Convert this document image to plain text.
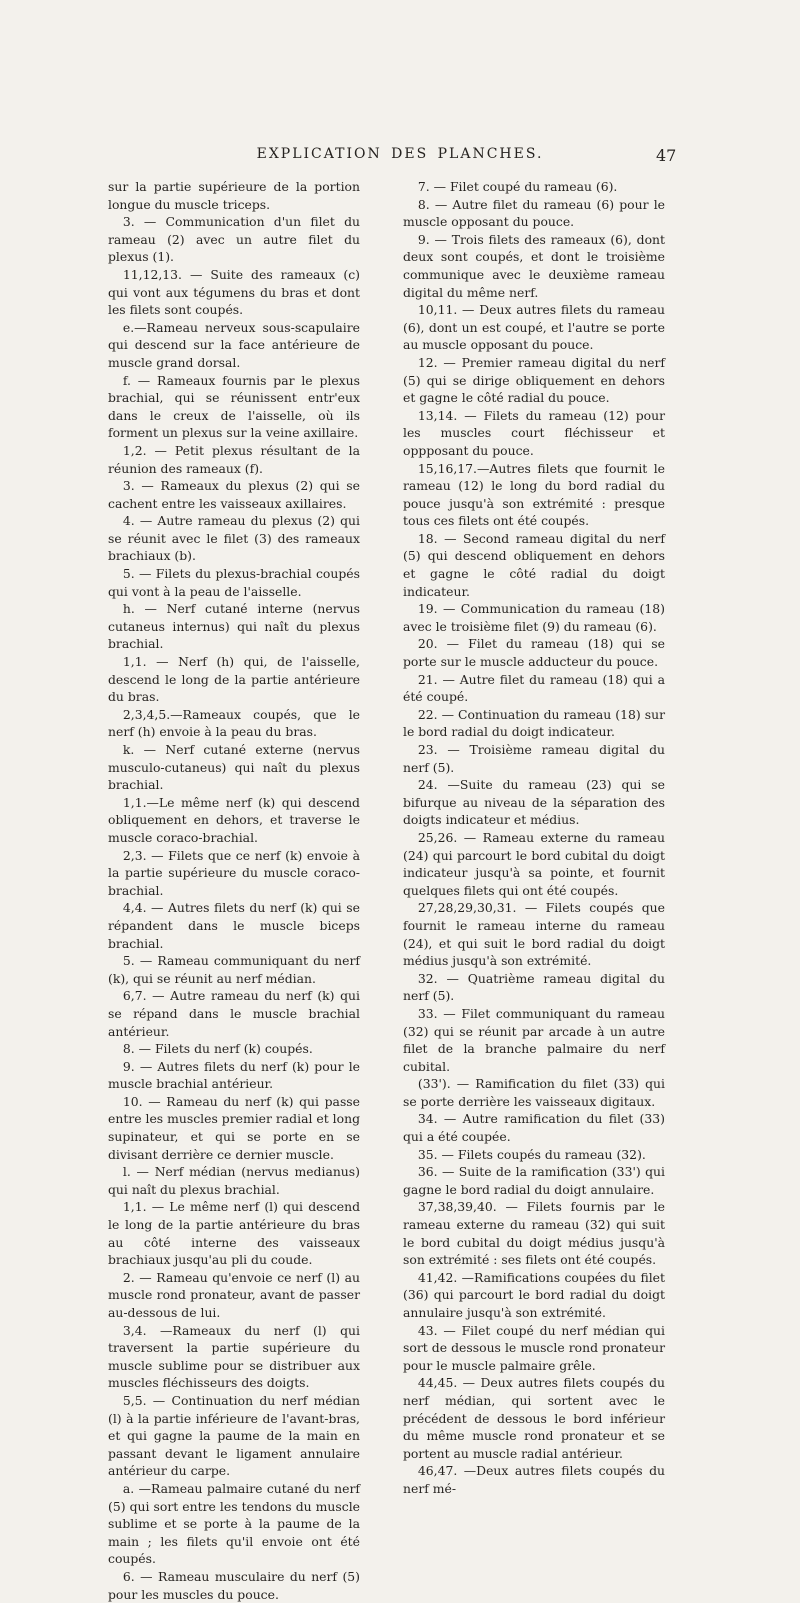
EXPLICATION DES PLANCHES.	47

sur la partie supérieure de la portion longue du muscle triceps.

3. — Communication d'un filet du rameau (2) avec un autre filet du plexus (1).

11,12,13. — Suite des rameaux (c) qui vont aux tégumens du bras et dont les filets sont coupés.

e.—Rameau nerveux sous-scapulaire qui descend sur la face antérieure de muscle grand dorsal.

f. — Rameaux fournis par le plexus brachial, qui se réunissent entr'eux dans le creux de l'aisselle, où ils forment un plexus sur la veine axillaire.

1,2. — Petit plexus résultant de la réunion des rameaux (f).

3. — Rameaux du plexus (2) qui se cachent entre les vaisseaux axillaires.

4. — Autre rameau du plexus (2) qui se réunit avec le filet (3) des rameaux brachiaux (b).

5. — Filets du plexus-brachial coupés qui vont à la peau de l'aisselle.

h. — Nerf cutané interne (nervus cutaneus internus) qui naît du plexus brachial.

1,1. — Nerf (h) qui, de l'aisselle, descend le long de la partie antérieure du bras.

2,3,4,5.—Rameaux coupés, que le nerf (h) envoie à la peau du bras.

k. — Nerf cutané externe (nervus musculo-cutaneus) qui naît du plexus brachial.

1,1.—Le même nerf (k) qui descend obliquement en dehors, et traverse le muscle coraco-brachial.

2,3. — Filets que ce nerf (k) envoie à la partie supérieure du muscle coraco-brachial.

4,4. — Autres filets du nerf (k) qui se répandent dans le muscle biceps brachial.

5. — Rameau communiquant du nerf (k), qui se réunit au nerf médian.

6,7. — Autre rameau du nerf (k) qui se répand dans le muscle brachial antérieur.

8. — Filets du nerf (k) coupés.

9. — Autres filets du nerf (k) pour le muscle brachial antérieur.

10. — Rameau du nerf (k) qui passe entre les muscles premier radial et long supinateur, et qui se porte en se divisant derrière ce dernier muscle.

l. — Nerf médian (nervus medianus) qui naît du plexus brachial.

1,1. — Le même nerf (l) qui descend le long de la partie antérieure du bras au côté interne des vaisseaux brachiaux jusqu'au pli du coude.

2. — Rameau qu'envoie ce nerf (l) au muscle rond pronateur, avant de passer au-dessous de lui.

3,4. —Rameaux du nerf (l) qui traversent la partie supérieure du muscle sublime pour se distribuer aux muscles fléchisseurs des doigts.

5,5. — Continuation du nerf médian (l) à la partie inférieure de l'avant-bras, et qui gagne la paume de la main en passant devant le ligament annulaire antérieur du carpe.

a. —Rameau palmaire cutané du nerf (5) qui sort entre les tendons du muscle sublime et se porte à la paume de la main ; les filets qu'il envoie ont été coupés.

6. — Rameau musculaire du nerf (5) pour les muscles du pouce.

7. — Filet coupé du rameau (6).

8. — Autre filet du rameau (6) pour le muscle opposant du pouce.

9. — Trois filets des rameaux (6), dont deux sont coupés, et dont le troisième communique avec le deuxième rameau digital du même nerf.

10,11. — Deux autres filets du rameau (6), dont un est coupé, et l'autre se porte au muscle opposant du pouce.

12. — Premier rameau digital du nerf (5) qui se dirige obliquement en dehors et gagne le côté radial du pouce.

13,14. — Filets du rameau (12) pour les muscles court fléchisseur et oppposant du pouce.

15,16,17.—Autres filets que fournit le rameau (12) le long du bord radial du pouce jusqu'à son extrémité : presque tous ces filets ont été coupés.

18. — Second rameau digital du nerf (5) qui descend obliquement en dehors et gagne le côté radial du doigt indicateur.

19. — Communication du rameau (18) avec le troisième filet (9) du rameau (6).

20. — Filet du rameau (18) qui se porte sur le muscle adducteur du pouce.

21. — Autre filet du rameau (18) qui a été coupé.

22. — Continuation du rameau (18) sur le bord radial du doigt indicateur.

23. — Troisième rameau digital du nerf (5).

24. —Suite du rameau (23) qui se bifurque au niveau de la séparation des doigts indicateur et médius.

25,26. — Rameau externe du rameau (24) qui parcourt le bord cubital du doigt indicateur jusqu'à sa pointe, et fournit quelques filets qui ont été coupés.

27,28,29,30,31. — Filets coupés que fournit le rameau interne du rameau (24), et qui suit le bord radial du doigt médius jusqu'à son extrémité.

32. — Quatrième rameau digital du nerf (5).

33. — Filet communiquant du rameau (32) qui se réunit par arcade à un autre filet de la branche palmaire du nerf cubital.

(33'). — Ramification du filet (33) qui se porte derrière les vaisseaux digitaux.

34. — Autre ramification du filet (33) qui a été coupée.

35. — Filets coupés du rameau (32).

36. — Suite de la ramification (33') qui gagne le bord radial du doigt annulaire.

37,38,39,40. — Filets fournis par le rameau externe du rameau (32) qui suit le bord cubital du doigt médius jusqu'à son extrémité : ses filets ont été coupés.

41,42. —Ramifications coupées du filet (36) qui parcourt le bord radial du doigt annulaire jusqu'à son extrémité.

43. — Filet coupé du nerf médian qui sort de dessous le muscle rond pronateur pour le muscle palmaire grêle.

44,45. — Deux autres filets coupés du nerf médian, qui sortent avec le précédent de dessous le bord inférieur du même muscle rond pronateur et se portent au muscle radial antérieur.

46,47. —Deux autres filets coupés du nerf mé-
